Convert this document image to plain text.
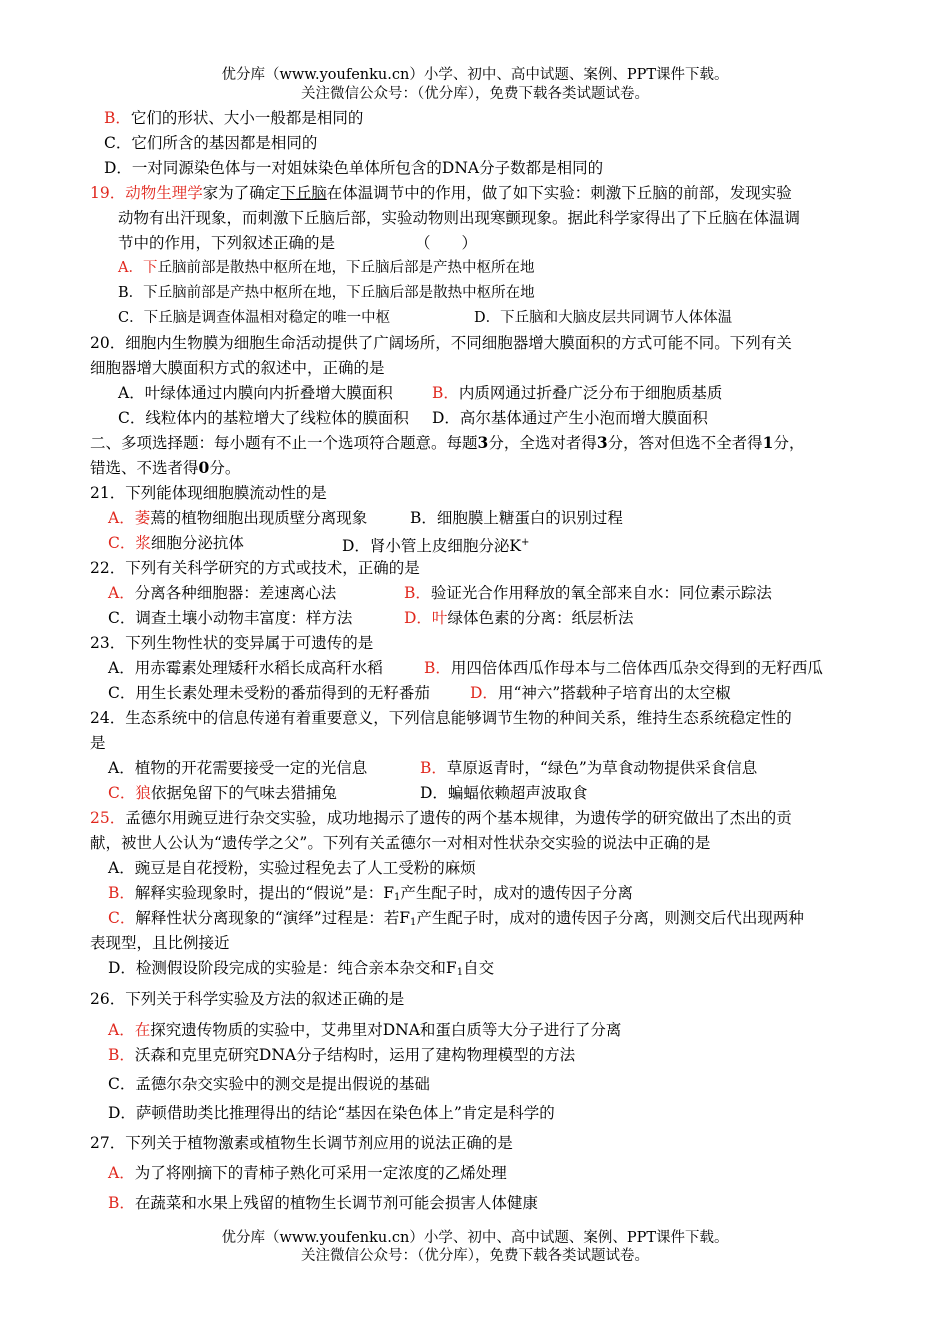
优分库（www.youfenku.cn）小学、初中、高中试题、案例、PPT课件下载。
关注微信公众号：（优分库），免费下载各类试题试卷。
B．它们的形状、大小一般都是相同的
C．它们所含的基因都是相同的
D．一对同源染色体与一对姐妹染色单体所包含的DNA分子数都是相同的
19．动物生理学家为了确定下丘脑在体温调节中的作用，做了如下实验：刺激下丘脑的前部，发现实验
动物有出汗现象，而刺激下丘脑后部，实验动物则出现寒颤现象。据此科学家得出了下丘脑在体温调
节中的作用，下列叙述正确的是	（　　）
A．下丘脑前部是散热中枢所在地，下丘脑后部是产热中枢所在地
B．下丘脑前部是产热中枢所在地，下丘脑后部是散热中枢所在地
C．下丘脑是调查体温相对稳定的唯一中枢	D．下丘脑和大脑皮层共同调节人体体温
20．细胞内生物膜为细胞生命活动提供了广阔场所，不同细胞器增大膜面积的方式可能不同。下列有关
细胞器增大膜面积方式的叙述中，正确的是
A．叶绿体通过内膜向内折叠增大膜面积	B．内质网通过折叠广泛分布于细胞质基质
C．线粒体内的基粒增大了线粒体的膜面积 D．高尔基体通过产生小泡而增大膜面积
二、多项选择题：每小题有不止一个选项符合题意。每题3分，全选对者得3分，答对但选不全者得1分，
错选、不选者得0分。
21．下列能体现细胞膜流动性的是
A．萎蔫的植物细胞出现质壁分离现象	B．细胞膜上糖蛋白的识别过程
C．浆细胞分泌抗体	D．肾小管上皮细胞分泌K+
22．下列有关科学研究的方式或技术，正确的是
A．分离各种细胞器：差速离心法	B．验证光合作用释放的氧全部来自水：同位素示踪法
C．调查土壤小动物丰富度：样方法	D．叶绿体色素的分离：纸层析法
23．下列生物性状的变异属于可遗传的是
A．用赤霉素处理矮秆水稻长成高秆水稻	B．用四倍体西瓜作母本与二倍体西瓜杂交得到的无籽西瓜
C．用生长素处理未受粉的番茄得到的无籽番茄	D．用“神六”搭载种子培育出的太空椒
24．生态系统中的信息传递有着重要意义，下列信息能够调节生物的种间关系，维持生态系统稳定性的
是
A．植物的开花需要接受一定的光信息	B．草原返青时，“绿色”为草食动物提供采食信息
C．狼依据兔留下的气味去猎捕兔	D．蝙蝠依赖超声波取食
25．孟德尔用豌豆进行杂交实验，成功地揭示了遗传的两个基本规律，为遗传学的研究做出了杰出的贡
献，被世人公认为“遗传学之父”。下列有关孟德尔一对相对性状杂交实验的说法中正确的是
A．豌豆是自花授粉，实验过程免去了人工受粉的麻烦
B．解释实验现象时，提出的“假说”是：$F_1$产生配子时，成对的遗传因子分离
C．解释性状分离现象的“演绎”过程是：若$F_1$产生配子时，成对的遗传因子分离，则测交后代出现两种
表现型，且比例接近
D．检测假设阶段完成的实验是：纯合亲本杂交和$F_1$自交
26．下列关于科学实验及方法的叙述正确的是
A．在探究遗传物质的实验中，艾弗里对DNA和蛋白质等大分子进行了分离
B．沃森和克里克研究DNA分子结构时，运用了建构物理模型的方法
C．孟德尔杂交实验中的测交是提出假说的基础
D．萨顿借助类比推理得出的结论“基因在染色体上”肯定是科学的
27．下列关于植物激素或植物生长调节剂应用的说法正确的是
A．为了将刚摘下的青柿子熟化可采用一定浓度的乙烯处理
B．在蔬菜和水果上残留的植物生长调节剂可能会损害人体健康
优分库（www.youfenku.cn）小学、初中、高中试题、案例、PPT课件下载。
关注微信公众号：（优分库），免费下载各类试题试卷。
